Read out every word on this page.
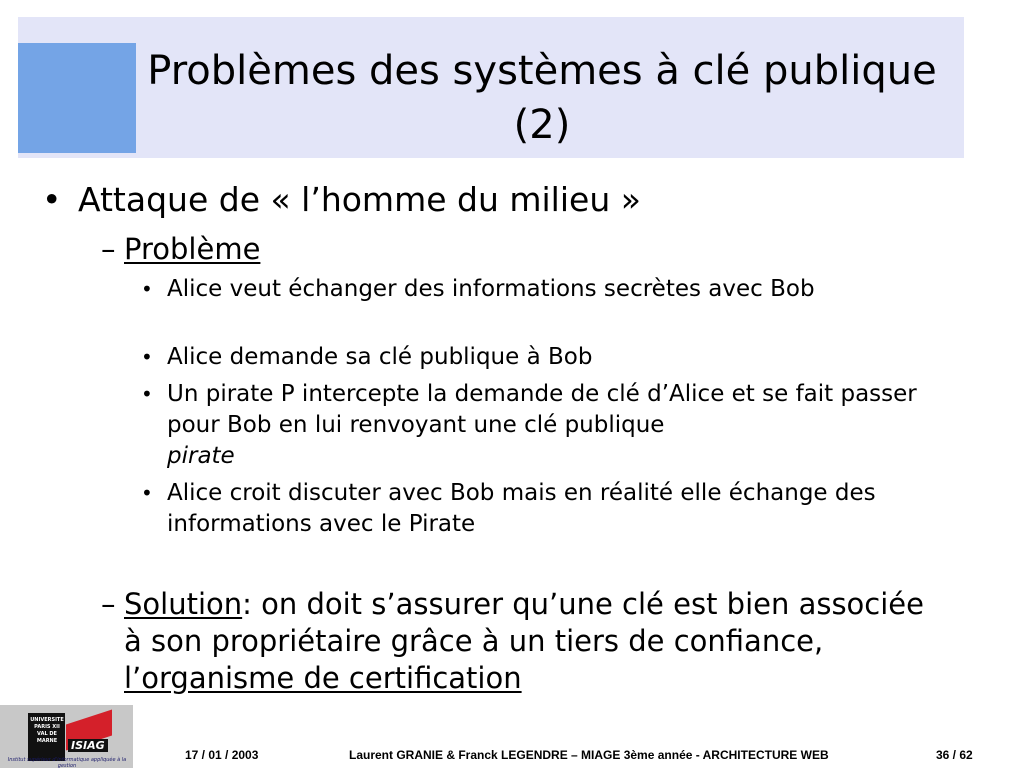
Problèmes des systèmes à clé publique (2)
• Attaque de « l’homme du milieu »
– Problème
• Alice veut échanger des informations secrètes avec Bob
• Alice demande sa clé publique à Bob
• Un pirate P intercepte la demande de clé d’Alice et se fait passer pour Bob en lui renvoyant une clé publique
pirate
• Alice croit discuter avec Bob mais en réalité elle échange des informations avec le Pirate
– Solution: on doit s’assurer qu’une clé est bien associée à son propriétaire grâce à un tiers de confiance, l’organisme de certification
UNIVERSITE PARIS XII VAL DE MARNE	ISIAG
Institut supérieur d’informatique appliquée à la gestion
17 / 01 / 2003	Laurent GRANIE & Franck LEGENDRE – MIAGE 3ème année - ARCHITECTURE WEB	36 / 62
